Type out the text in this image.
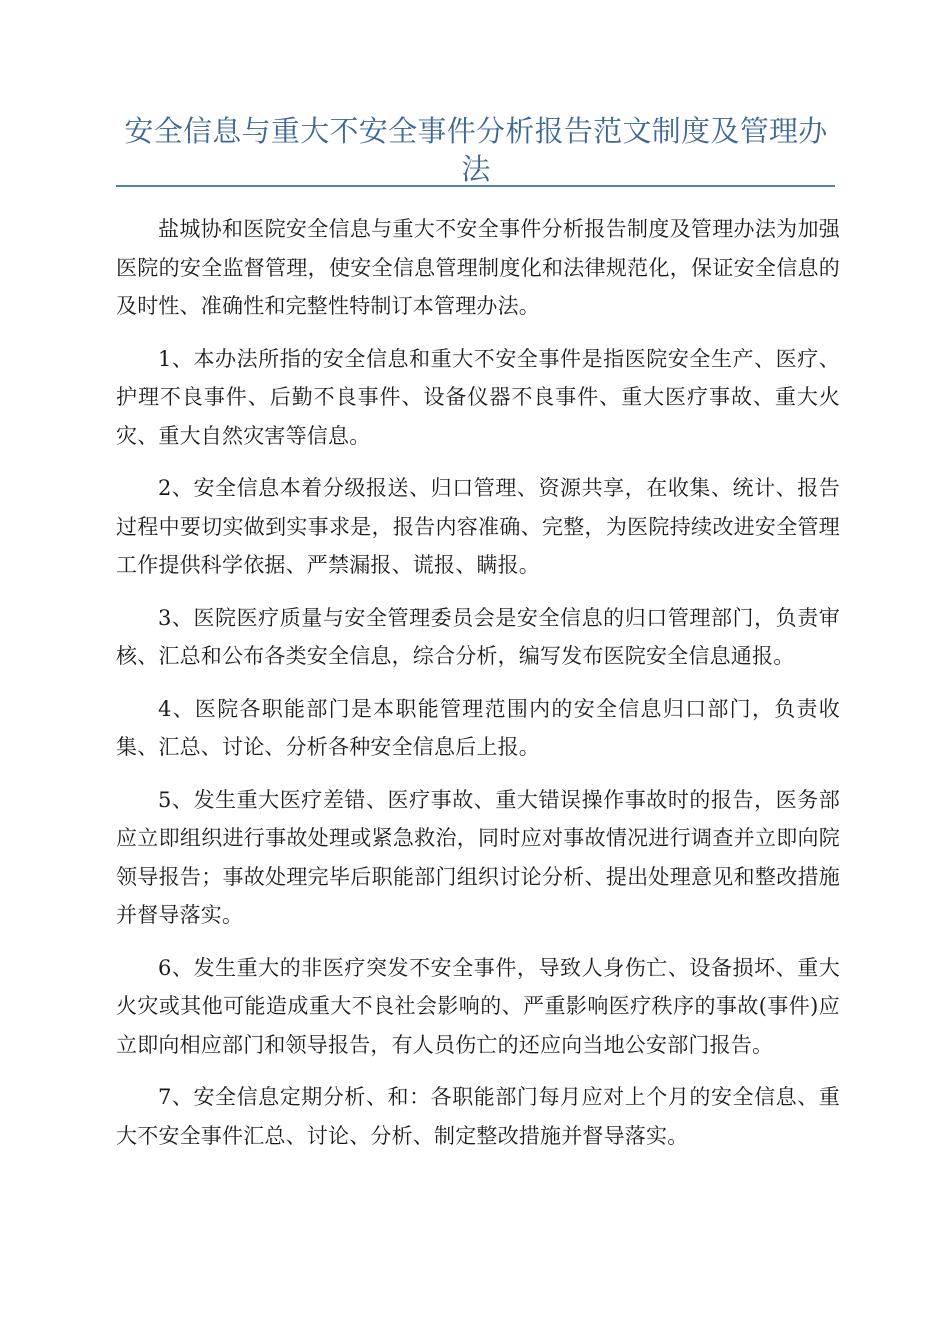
安全信息与重大不安全事件分析报告范文制度及管理办法

盐城协和医院安全信息与重大不安全事件分析报告制度及管理办法为加强医院的安全监督管理，使安全信息管理制度化和法律规范化，保证安全信息的及时性、准确性和完整性特制订本管理办法。

1、本办法所指的安全信息和重大不安全事件是指医院安全生产、医疗、护理不良事件、后勤不良事件、设备仪器不良事件、重大医疗事故、重大火灾、重大自然灾害等信息。

2、安全信息本着分级报送、归口管理、资源共享，在收集、统计、报告过程中要切实做到实事求是，报告内容准确、完整，为医院持续改进安全管理工作提供科学依据、严禁漏报、谎报、瞒报。

3、医院医疗质量与安全管理委员会是安全信息的归口管理部门，负责审核、汇总和公布各类安全信息，综合分析，编写发布医院安全信息通报。

4、医院各职能部门是本职能管理范围内的安全信息归口部门，负责收集、汇总、讨论、分析各种安全信息后上报。

5、发生重大医疗差错、医疗事故、重大错误操作事故时的报告，医务部应立即组织进行事故处理或紧急救治，同时应对事故情况进行调查并立即向院领导报告；事故处理完毕后职能部门组织讨论分析、提出处理意见和整改措施并督导落实。

6、发生重大的非医疗突发不安全事件，导致人身伤亡、设备损坏、重大火灾或其他可能造成重大不良社会影响的、严重影响医疗秩序的事故(事件)应立即向相应部门和领导报告，有人员伤亡的还应向当地公安部门报告。

7、安全信息定期分析、和：各职能部门每月应对上个月的安全信息、重大不安全事件汇总、讨论、分析、制定整改措施并督导落实。
